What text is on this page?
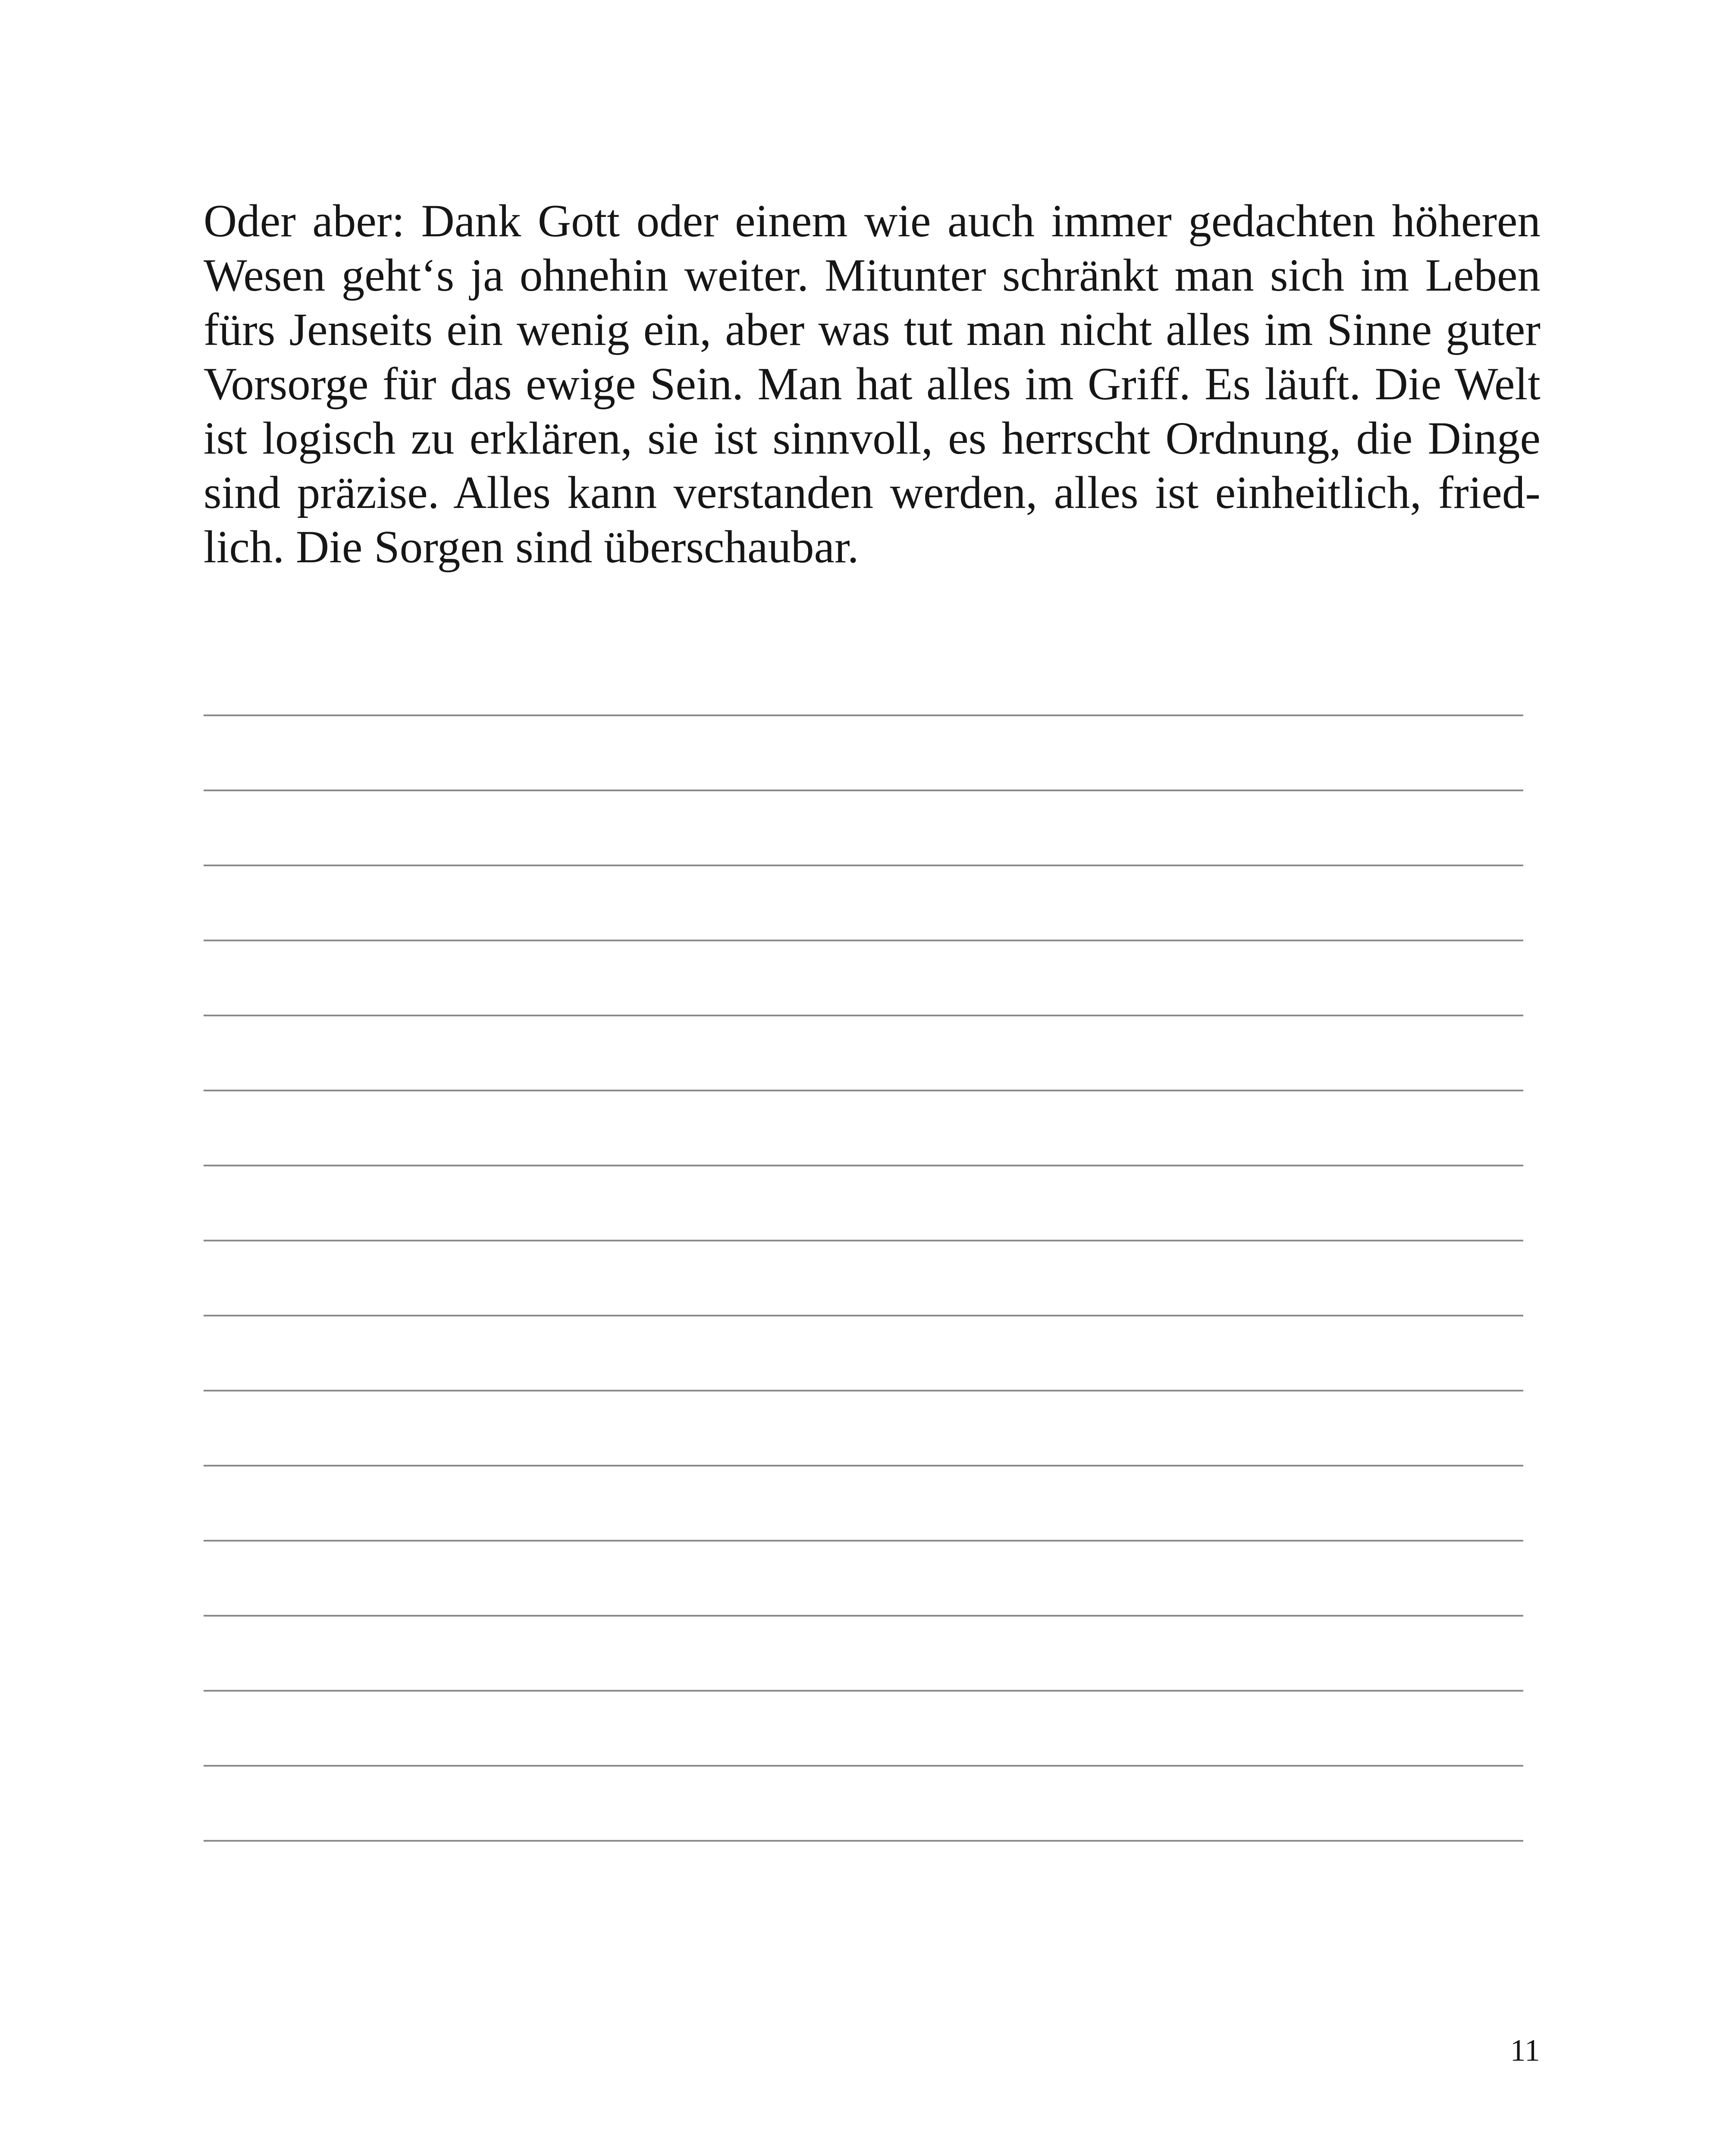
Oder aber: Dank Gott oder einem wie auch immer gedachten höheren
Wesen geht‘s ja ohnehin weiter. Mitunter schränkt man sich im Leben
fürs Jenseits ein wenig ein, aber was tut man nicht alles im Sinne guter
Vorsorge für das ewige Sein. Man hat alles im Griff. Es läuft. Die Welt
ist logisch zu erklären, sie ist sinnvoll, es herrscht Ordnung, die Dinge
sind präzise. Alles kann verstanden werden, alles ist einheitlich, fried-
lich. Die Sorgen sind überschaubar.
11
